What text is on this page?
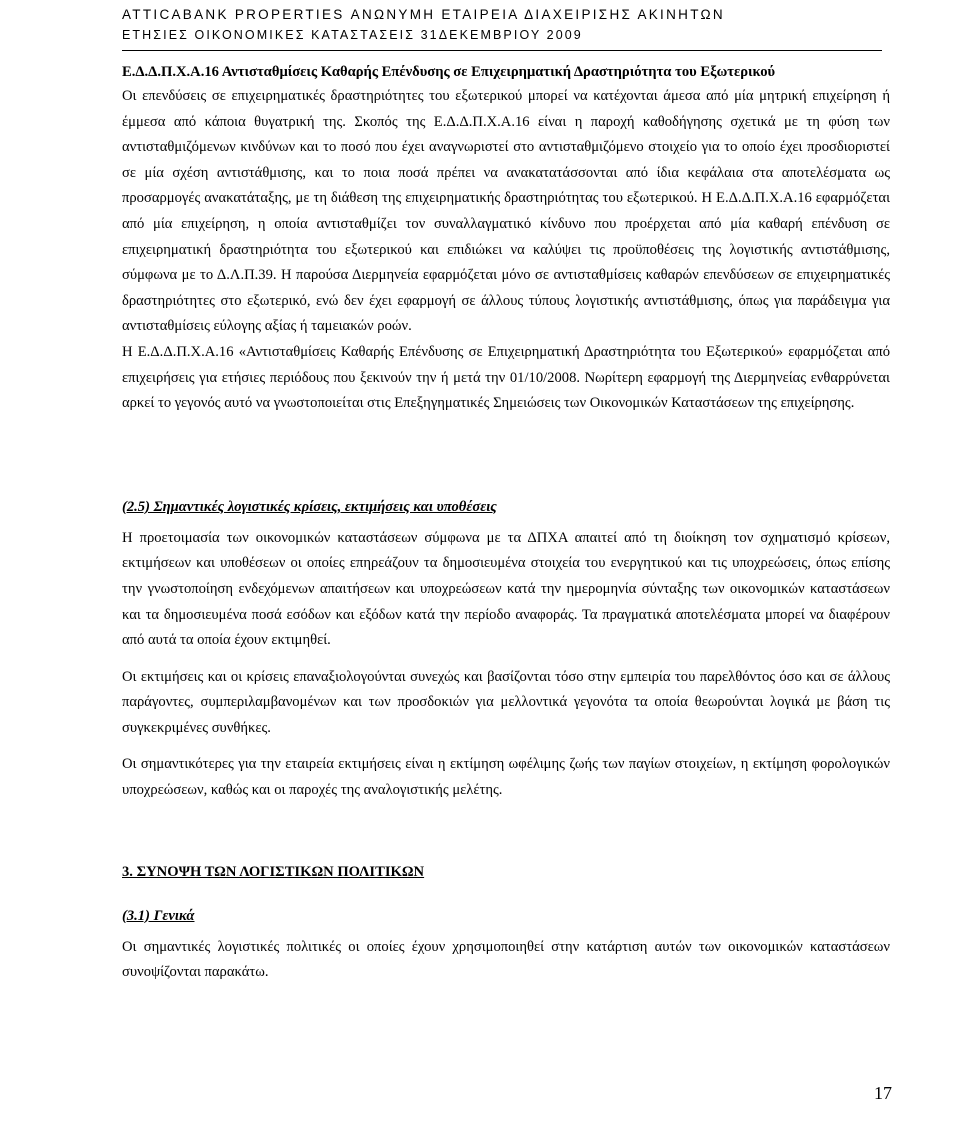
ATTICABANK PROPERTIES ΑΝΩΝΥΜΗ ΕΤΑΙΡΕΙΑ ΔΙΑΧΕΙΡΙΣΗΣ ΑΚΙΝΗΤΩΝ
ΕΤΗΣΙΕΣ ΟΙΚΟΝΟΜΙΚΕΣ ΚΑΤΑΣΤΑΣΕΙΣ 31ΔΕΚΕΜΒΡΙΟΥ 2009

Ε.Δ.Δ.Π.Χ.Α.16 Αντισταθμίσεις Καθαρής Επένδυσης σε Επιχειρηματική Δραστηριότητα του Εξωτερικού

Οι επενδύσεις σε επιχειρηματικές δραστηριότητες του εξωτερικού μπορεί να κατέχονται άμεσα από μία μητρική επιχείρηση ή έμμεσα από κάποια θυγατρική της. Σκοπός της Ε.Δ.Δ.Π.Χ.Α.16 είναι η παροχή καθοδήγησης σχετικά με τη φύση των αντισταθμιζόμενων κινδύνων και το ποσό που έχει αναγνωριστεί στο αντισταθμιζόμενο στοιχείο για το οποίο έχει προσδιοριστεί σε μία σχέση αντιστάθμισης, και το ποια ποσά πρέπει να ανακατατάσσονται από ίδια κεφάλαια στα αποτελέσματα ως προσαρμογές ανακατάταξης, με τη διάθεση της επιχειρηματικής δραστηριότητας του εξωτερικού. Η Ε.Δ.Δ.Π.Χ.Α.16 εφαρμόζεται από μία επιχείρηση, η οποία αντισταθμίζει τον συναλλαγματικό κίνδυνο που προέρχεται από μία καθαρή επένδυση σε επιχειρηματική δραστηριότητα του εξωτερικού και επιδιώκει να καλύψει τις προϋποθέσεις της λογιστικής αντιστάθμισης, σύμφωνα με το Δ.Λ.Π.39. Η παρούσα Διερμηνεία εφαρμόζεται μόνο σε αντισταθμίσεις καθαρών επενδύσεων σε επιχειρηματικές δραστηριότητες στο εξωτερικό, ενώ δεν έχει εφαρμογή σε άλλους τύπους λογιστικής αντιστάθμισης, όπως για παράδειγμα για αντισταθμίσεις εύλογης αξίας ή ταμειακών ροών.

Η Ε.Δ.Δ.Π.Χ.Α.16 «Αντισταθμίσεις Καθαρής Επένδυσης σε Επιχειρηματική Δραστηριότητα του Εξωτερικού» εφαρμόζεται από επιχειρήσεις για ετήσιες περιόδους που ξεκινούν την ή μετά την 01/10/2008. Νωρίτερη εφαρμογή της Διερμηνείας ενθαρρύνεται αρκεί το γεγονός αυτό να γνωστοποιείται στις Επεξηγηματικές Σημειώσεις των Οικονομικών Καταστάσεων της επιχείρησης.

(2.5) Σημαντικές λογιστικές κρίσεις, εκτιμήσεις και υποθέσεις

Η προετοιμασία των οικονομικών καταστάσεων σύμφωνα με τα ΔΠΧΑ απαιτεί από τη διοίκηση τον σχηματισμό κρίσεων, εκτιμήσεων και υποθέσεων οι οποίες επηρεάζουν τα δημοσιευμένα στοιχεία του ενεργητικού και τις υποχρεώσεις, όπως επίσης την γνωστοποίηση ενδεχόμενων απαιτήσεων και υποχρεώσεων κατά την ημερομηνία σύνταξης των οικονομικών καταστάσεων και τα δημοσιευμένα ποσά εσόδων και εξόδων κατά την περίοδο αναφοράς. Τα πραγματικά αποτελέσματα μπορεί να διαφέρουν από αυτά τα οποία έχουν εκτιμηθεί.

Οι εκτιμήσεις και οι κρίσεις επαναξιολογούνται συνεχώς και βασίζονται τόσο στην εμπειρία του παρελθόντος όσο και σε άλλους παράγοντες, συμπεριλαμβανομένων και των προσδοκιών για μελλοντικά γεγονότα τα οποία θεωρούνται λογικά με βάση τις συγκεκριμένες συνθήκες.

Οι σημαντικότερες για την εταιρεία εκτιμήσεις είναι η εκτίμηση ωφέλιμης ζωής των παγίων στοιχείων, η εκτίμηση φορολογικών υποχρεώσεων, καθώς και οι παροχές της αναλογιστικής μελέτης.

3. ΣΥΝΟΨΗ ΤΩΝ ΛΟΓΙΣΤΙΚΩΝ ΠΟΛΙΤΙΚΩΝ

(3.1) Γενικά

Οι σημαντικές λογιστικές πολιτικές οι οποίες έχουν χρησιμοποιηθεί στην κατάρτιση αυτών των οικονομικών καταστάσεων συνοψίζονται παρακάτω.

17
